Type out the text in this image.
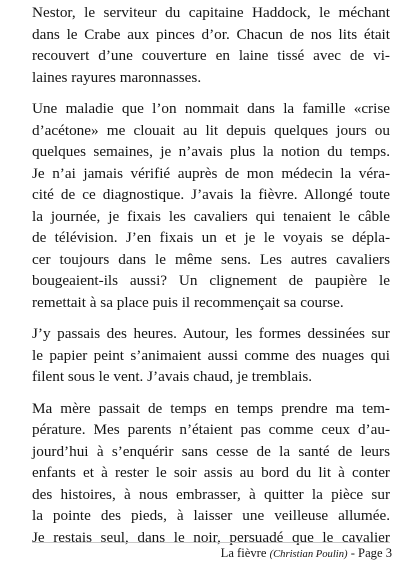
Nestor, le serviteur du capitaine Haddock, le méchant
dans le Crabe aux pinces d’or. Chacun de nos lits était
recouvert d’une couverture en laine tissé avec de vi-
laines rayures maronnasses.
Une maladie que l’on nommait dans la famille «crise
d’acétone» me clouait au lit depuis quelques jours ou
quelques semaines, je n’avais plus la notion du temps.
Je n’ai jamais vérifié auprès de mon médecin la véra-
cité de ce diagnostique. J’avais la fièvre. Allongé toute
la journée, je fixais les cavaliers qui tenaient le câble
de télévision. J’en fixais un et je le voyais se dépla-
cer toujours dans le même sens. Les autres cavaliers
bougeaient-ils aussi? Un clignement de paupière le
remettait à sa place puis il recommençait sa course.
J’y passais des heures. Autour, les formes dessinées sur
le papier peint s’animaient aussi comme des nuages qui
filent sous le vent. J’avais chaud, je tremblais.
Ma mère passait de temps en temps prendre ma tem-
pérature. Mes parents n’étaient pas comme ceux d’au-
jourd’hui à s’enquérir sans cesse de la santé de leurs
enfants et à rester le soir assis au bord du lit à conter
des histoires, à nous embrasser, à quitter la pièce sur
la pointe des pieds, à laisser une veilleuse allumée.
Je restais seul, dans le noir, persuadé que le cavalier
La fièvre (Christian Poulin) - Page 3
